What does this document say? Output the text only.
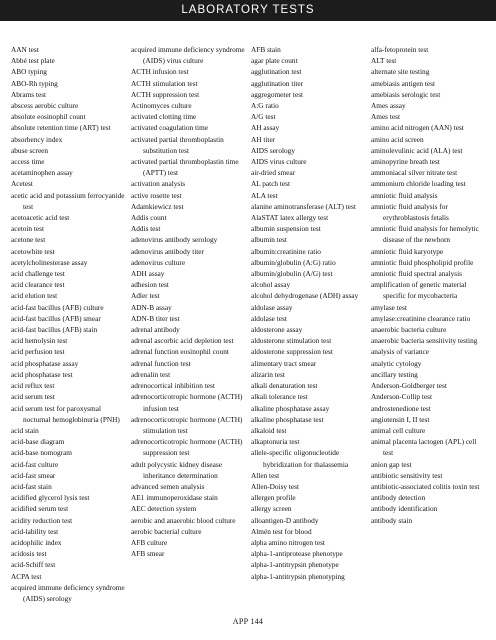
LABORATORY TESTS
AAN test
Abbé test plate
ABO typing
ABO-Rh typing
Abrams test
abscess aerobic culture
absolute eosinophil count
absolute retention time (ART) test
absorbency index
abuse screen
access time
acetaminophen assay
Acetest
acetic acid and potassium ferrocyanide test
acetoacetic acid test
acetoin test
acetone test
acetowhite test
acetylcholinesterase assay
acid challenge test
acid clearance test
acid elution test
acid-fast bacillus (AFB) culture
acid-fast bacillus (AFB) smear
acid-fast bacillus (AFB) stain
acid hemolysin test
acid perfusion test
acid phosphatase assay
acid phosphatase test
acid reflux test
acid serum test
acid serum test for paroxysmal nocturnal hemoglobinuria (PNH)
acid stain
acid-base diagram
acid-base nomogram
acid-fast culture
acid-fast smear
acid-fast stain
acidified glycerol lysis test
acidified serum test
acidity reduction test
acid-lability test
acidophilic index
acidosis test
acid-Schiff test
ACPA test
acquired immune deficiency syndrome (AIDS) serology
acquired immune deficiency syndrome (AIDS) virus culture
ACTH infusion test
ACTH stimulation test
ACTH suppression test
Actinomyces culture
activated clotting time
activated coagulation time
activated partial thromboplastin substitution test
activated partial thromboplastin time (APTT) test
activation analysis
active rosette test
Adamkiewicz test
Addis count
Addis test
adenovirus antibody serology
adenovirus antibody titer
adenovirus culture
ADH assay
adhesion test
Adler test
ADN-B assay
ADN-B titer test
adrenal antibody
adrenal ascorbic acid depletion test
adrenal function eosinophil count
adrenal function test
adrenalin test
adrenocortical inhibition test
adrenocorticotropic hormone (ACTH) infusion test
adrenocorticotropic hormone (ACTH) stimulation test
adrenocorticotropic hormone (ACTH) suppression test
adult polycystic kidney disease inheritance determination
advanced semen analysis
AE1 immunoperoxidase stain
AEC detection system
aerobic and anaerobic blood culture
aerobic bacterial culture
AFB culture
AFB smear
AFB stain
agar plate count
agglutination test
agglutination titer
aggregometer test
A:G ratio
A/G test
AH assay
AH titer
AIDS serology
AIDS virus culture
air-dried smear
AL patch test
ALA test
alanine aminotransferase (ALT) test
AlaSTAT latex allergy test
albumin suspension test
albumin test
albumin:creatinine ratio
albumin/globulin (A:G) ratio
albumin/globulin (A/G) test
alcohol assay
alcohol dehydrogenase (ADH) assay
aldolase assay
aldolase test
aldosterone assay
aldosterone stimulation test
aldosterone suppression test
alimentary tract smear
alizarin test
alkali denaturation test
alkali tolerance test
alkaline phosphatase assay
alkaline phosphatase test
alkaloid test
alkaptonuria test
allele-specific oligonucleotide hybridization for thalassemia
Allen test
Allen-Doisy test
allergen profile
allergy screen
alloantigen-D antibody
Almén test for blood
alpha amino nitrogen test
alpha-1-antiprotease phenotype
alpha-1-antitrypsin phenotype
alpha-1-antitrypsin phenotyping
alfa-fetoprotein test
ALT test
alternate site testing
amebiasis antigen test
amebiasis serologic test
Ames assay
Ames test
amino acid nitrogen (AAN) test
amino acid screen
aminolevulinic acid (ALA) test
aminopyrine breath test
ammoniacal silver nitrate test
ammonium chloride loading test
amniotic fluid analysis
amniotic fluid analysis for erythroblastosis fetalis
amniotic fluid analysis for hemolytic disease of the newborn
amniotic fluid karyotype
amniotic fluid phospholipid profile
amniotic fluid spectral analysis
amplification of genetic material specific for mycobacteria
amylase test
amylase:creatinine clearance ratio
anaerobic bacteria culture
anaerobic bacteria sensitivity testing
analysis of variance
analytic cytology
ancillary testing
Anderson-Goldberger test
Anderson-Collip test
androstenedione test
angiotensin I, II test
animal cell culture
animal placenta lactogen (APL) cell test
anion gap test
antibiotic sensitivity test
antibiotic-associated colitis toxin test
antibody detection
antibody identification
antibody stain
APP 144
